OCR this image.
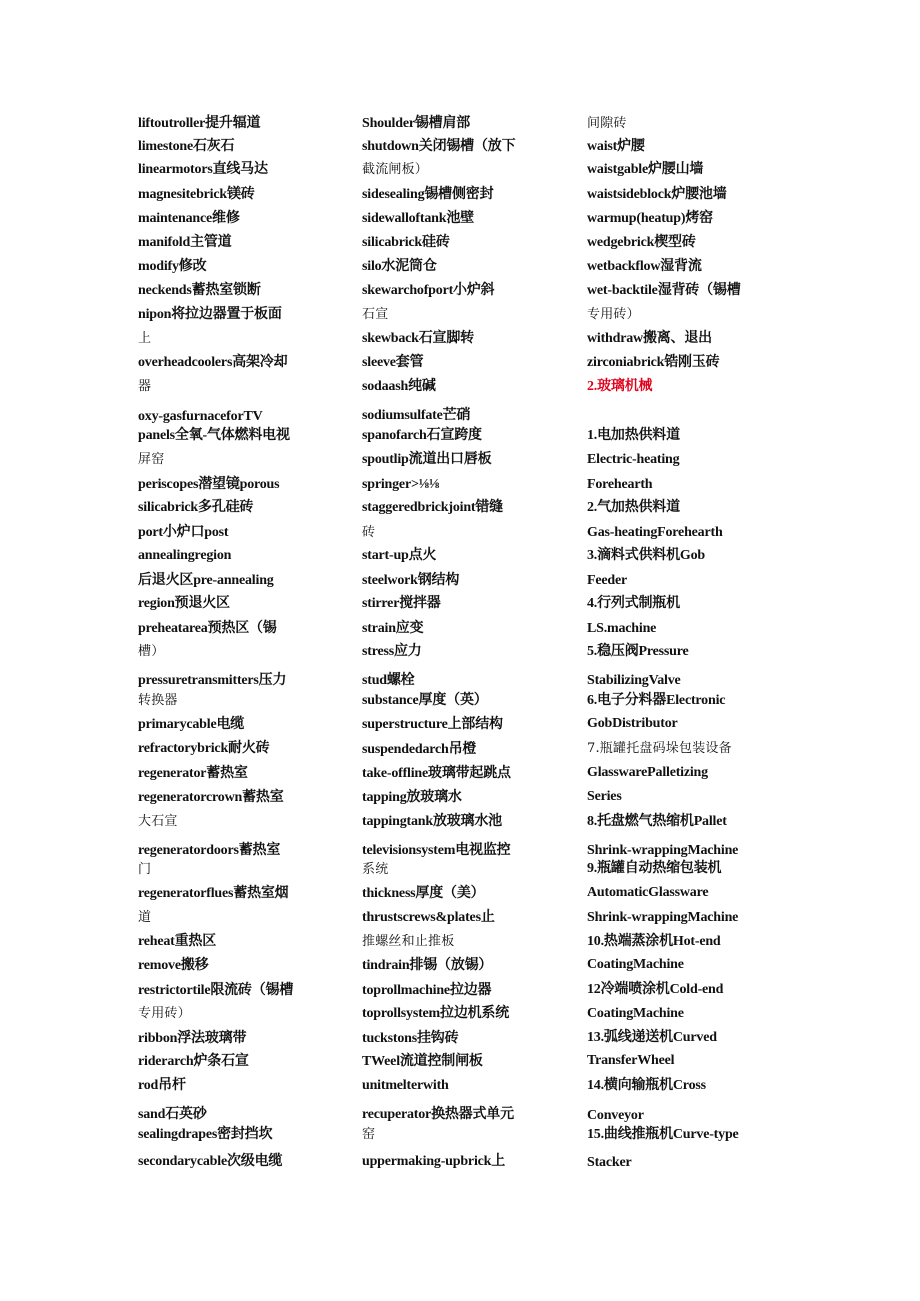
liftoutroller提升辐道
limestone石灰石
linearmotors直线马达
magnesitebrick镁砖
maintenance维修
manifold主管道
modify修改
neckends蓄热室锁断
nipon将拉边器置于板面
上
overheadcoolers高架冷却
器
oxy-gasfurnaceforTV
panels全氧-气体燃料电视
屏窑
periscopes潜望镜porous
silicabrick多孔硅砖
port小炉口post
annealingregion
后退火区pre-annealing
region预退火区
preheatarea预热区（锡
槽）
pressuretransmitters压力
转换器
primarycable电缆
refractorybrick耐火砖
regenerator蓄热室
regeneratorcrown蓄热室
大石宣
regeneratordoors蓄热室
门
regeneratorflues蓄热室烟
道
reheat重热区
remove搬移
restrictortile限流砖（锡槽
专用砖）
ribbon浮法玻璃带
riderarch炉条石宣
rod吊杆
sand石英砂
sealingdrapes密封挡坎
secondarycable次级电缆
Shoulder锡槽肩部
shutdown关闭锡槽（放下
截流闸板）
sidesealing锡槽侧密封
sidewalloftank池壁
silicabrick硅砖
silo水泥筒仓
skewarchofport小炉斜
石宣
skewback石宣脚转
sleeve套管
sodaash纯碱
sodiumsulfate芒硝
spanofarch石宣跨度
spoutlip流道出口唇板
springer>⅛⅛
staggeredbrickjoint错缝
砖
start-up点火
steelwork钢结构
stirrer搅拌器
strain应变
stress应力
stud螺栓
substance厚度（英）
superstructure上部结构
suspendedarch吊橙
take-offline玻璃带起跳点
tapping放玻璃水
tappingtank放玻璃水池
televisionsystem电视监控
系统
thickness厚度（美）
thrustscrews&plates止
推螺丝和止推板
tindrain排锡（放锡）
toprollmachine拉边器
toprollsystem拉边机系统
tuckstons挂钩砖
TWeel流道控制闸板
unitmelterwith
recuperator换热器式单元
窑
uppermaking-upbrick上
间隙砖
waist炉腰
waistgable炉腰山墙
waistsideblock炉腰池墙
warmup(heatup)烤窑
wedgebrick楔型砖
wetbackflow湿背流
wet-backtile湿背砖（锡槽
专用砖）
withdraw搬离、退出
zirconiabrick锆刚玉砖
2.玻璃机械
1.电加热供料道
Electric-heating
Forehearth
2.气加热供料道
Gas-heatingForehearth
3.滴料式供料机Gob
Feeder
4.行列式制瓶机
LS.machine
5.稳压阀Pressure
StabilizingValve
6.电子分料器Electronic
GobDistributor
7.瓶罐托盘码垛包装设备
GlasswarePalletizing
Series
8.托盘燃气热缩机Pallet
Shrink-wrappingMachine
9.瓶罐自动热缩包装机
AutomaticGlassware
Shrink-wrappingMachine
10.热端蒸涂机Hot-end
CoatingMachine
12冷端喷涂机Cold-end
CoatingMachine
13.弧线递送机Curved
TransferWheel
14.横向输瓶机Cross
Conveyor
15.曲线推瓶机Curve-type
Stacker
